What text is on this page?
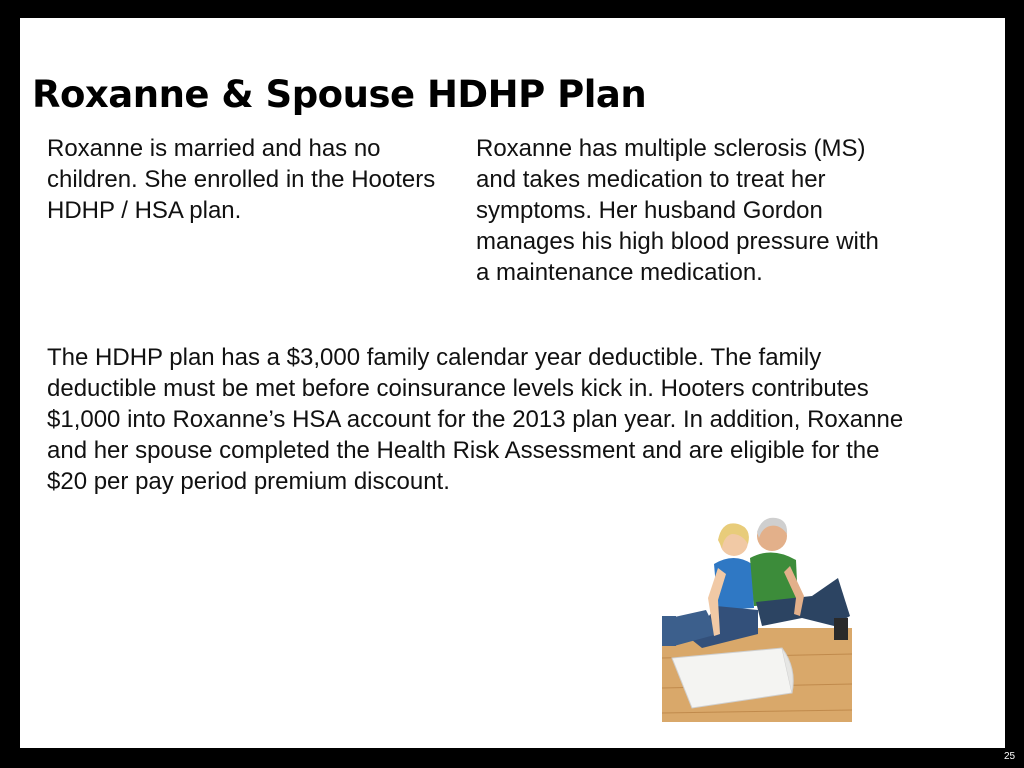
Roxanne & Spouse HDHP Plan

Roxanne is married and has no children. She enrolled in the Hooters HDHP / HSA plan.

Roxanne has multiple sclerosis (MS) and takes medication to treat her symptoms. Her husband Gordon manages his high blood pressure with a maintenance medication.

The HDHP plan has a $3,000 family calendar year deductible. The family deductible must be met before coinsurance levels kick in. Hooters contributes $1,000 into Roxanne’s HSA account for the 2013 plan year. In addition, Roxanne and her spouse completed the Health Risk Assessment and are eligible for the $20 per pay period premium discount.

25
